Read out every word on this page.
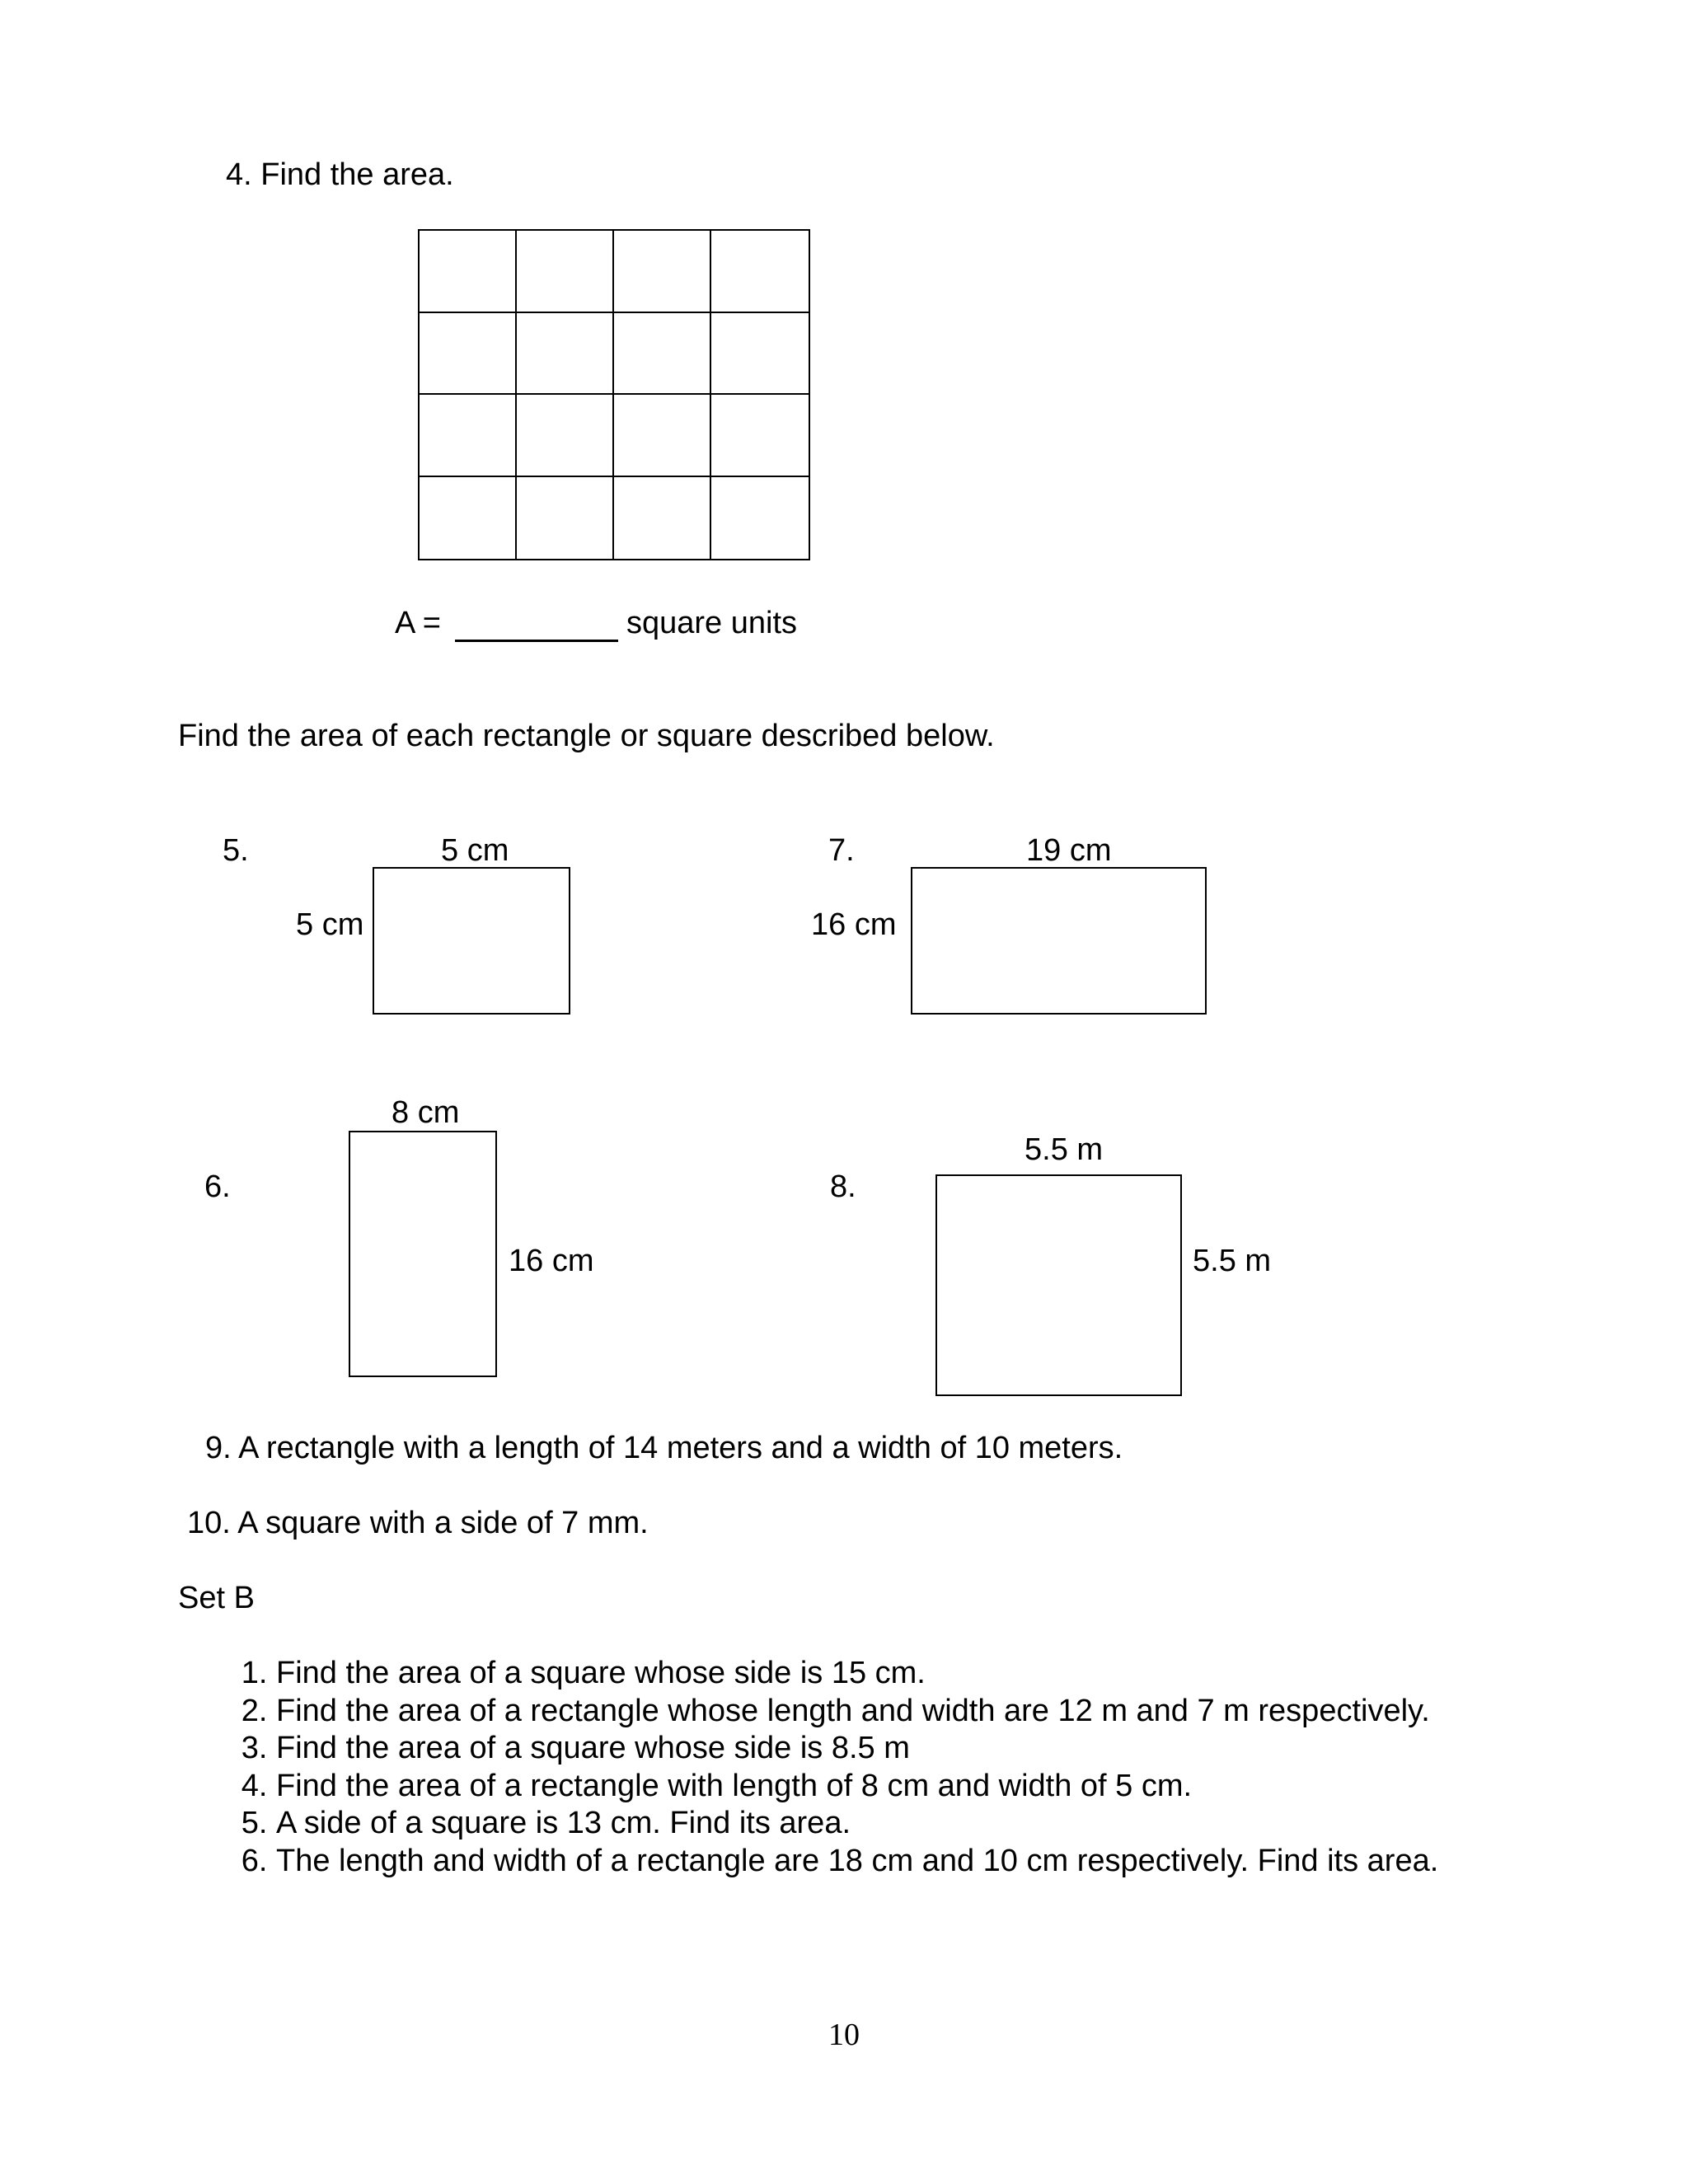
4. Find the area.
A =	square units
Find the area of each rectangle or square described below.
5.	5 cm
5 cm
7.	19 cm
16 cm
8 cm
6.
16 cm
5.5 m
8.
5.5 m
9. A rectangle with a length of 14 meters and a width of 10 meters.
10. A square with a side of 7 mm.
Set B
1. Find the area of a square whose side is 15 cm.
2. Find the area of a rectangle whose length and width are 12 m and 7 m respectively.
3. Find the area of a square whose side is 8.5 m
4. Find the area of a rectangle with length of 8 cm and width of 5 cm.
5. A side of a square is 13 cm. Find its area.
6. The length and width of a rectangle are 18 cm and 10 cm respectively. Find its area.
10
